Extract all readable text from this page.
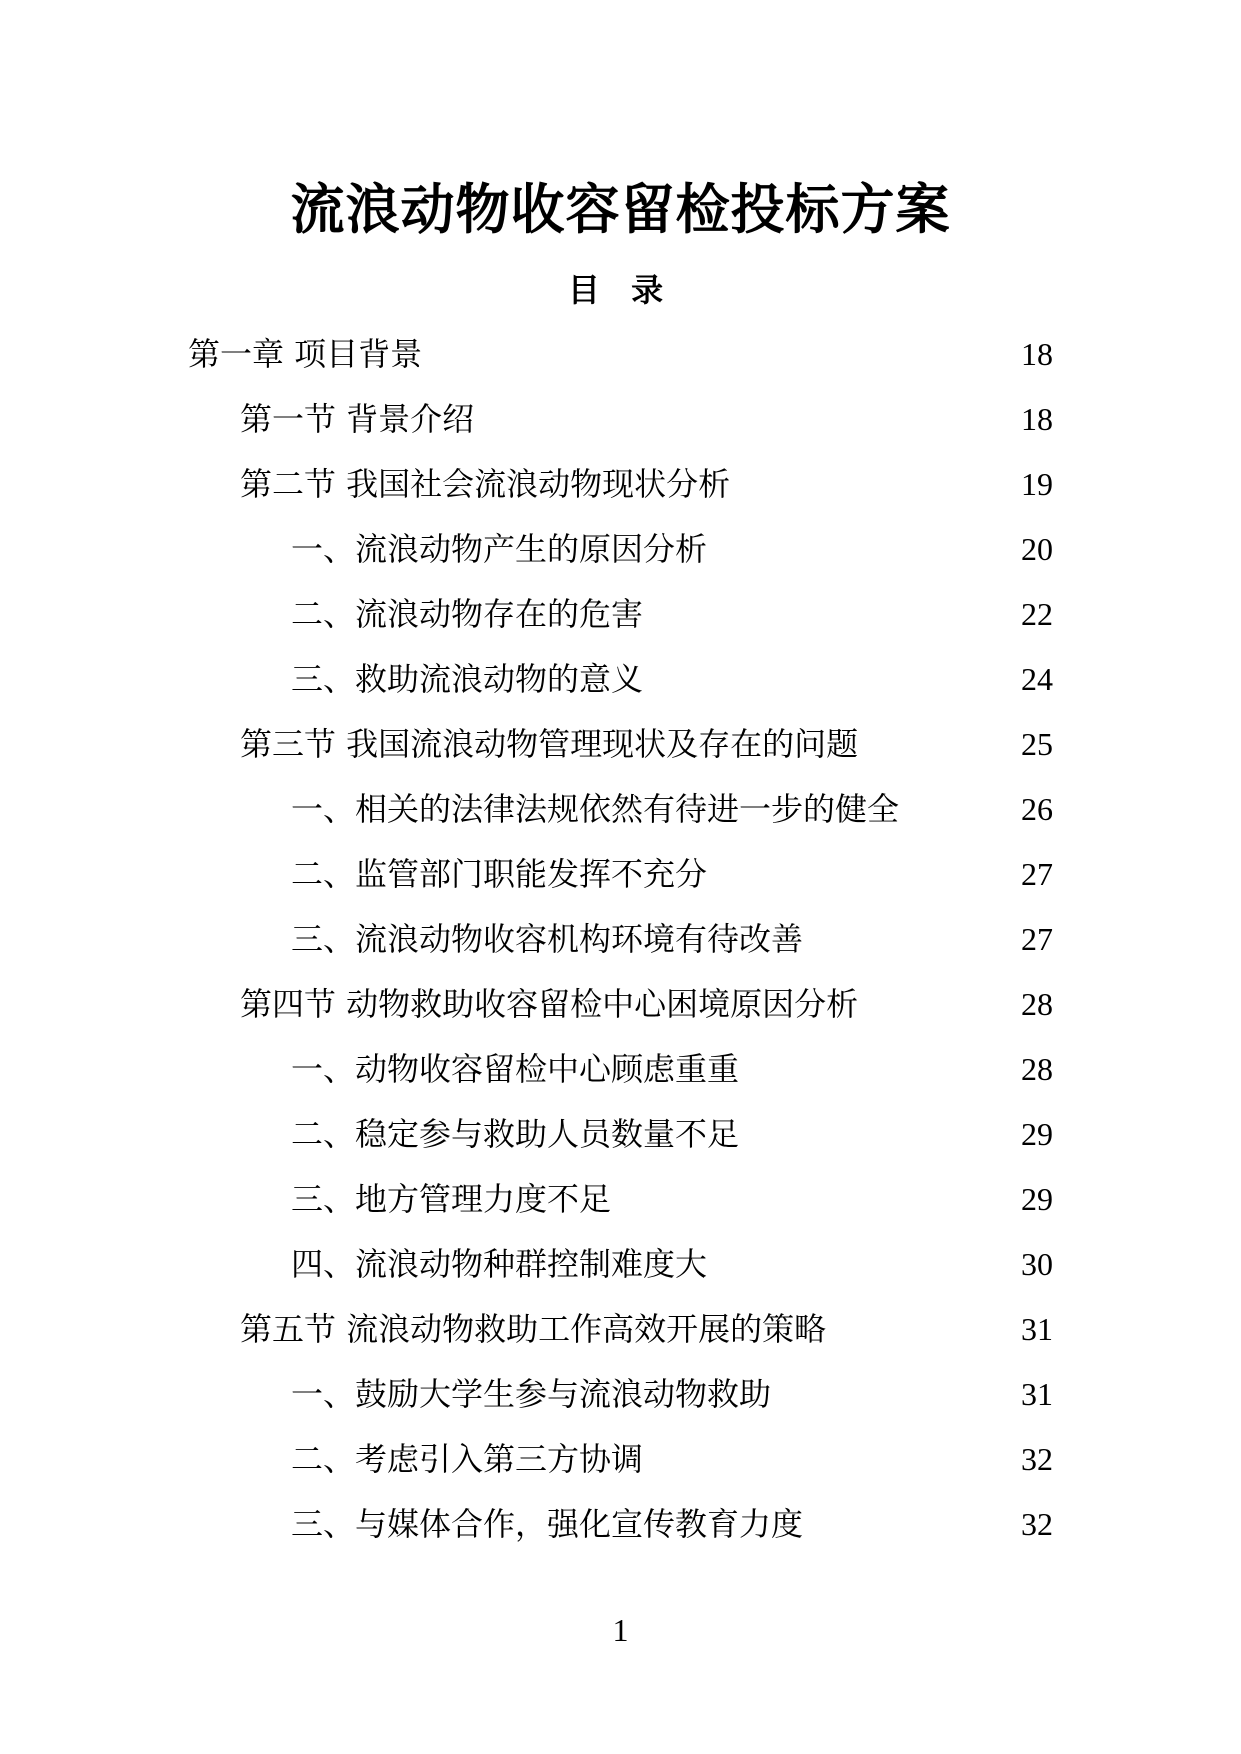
流浪动物收容留检投标方案
目 录
第一章 项目背景	18
第一节 背景介绍	18
第二节 我国社会流浪动物现状分析	19
一、流浪动物产生的原因分析	20
二、流浪动物存在的危害	22
三、救助流浪动物的意义	24
第三节 我国流浪动物管理现状及存在的问题	25
一、相关的法律法规依然有待进一步的健全	26
二、监管部门职能发挥不充分	27
三、流浪动物收容机构环境有待改善	27
第四节 动物救助收容留检中心困境原因分析	28
一、动物收容留检中心顾虑重重	28
二、稳定参与救助人员数量不足	29
三、地方管理力度不足	29
四、流浪动物种群控制难度大	30
第五节 流浪动物救助工作高效开展的策略	31
一、鼓励大学生参与流浪动物救助	31
二、考虑引入第三方协调	32
三、与媒体合作，强化宣传教育力度	32
1
